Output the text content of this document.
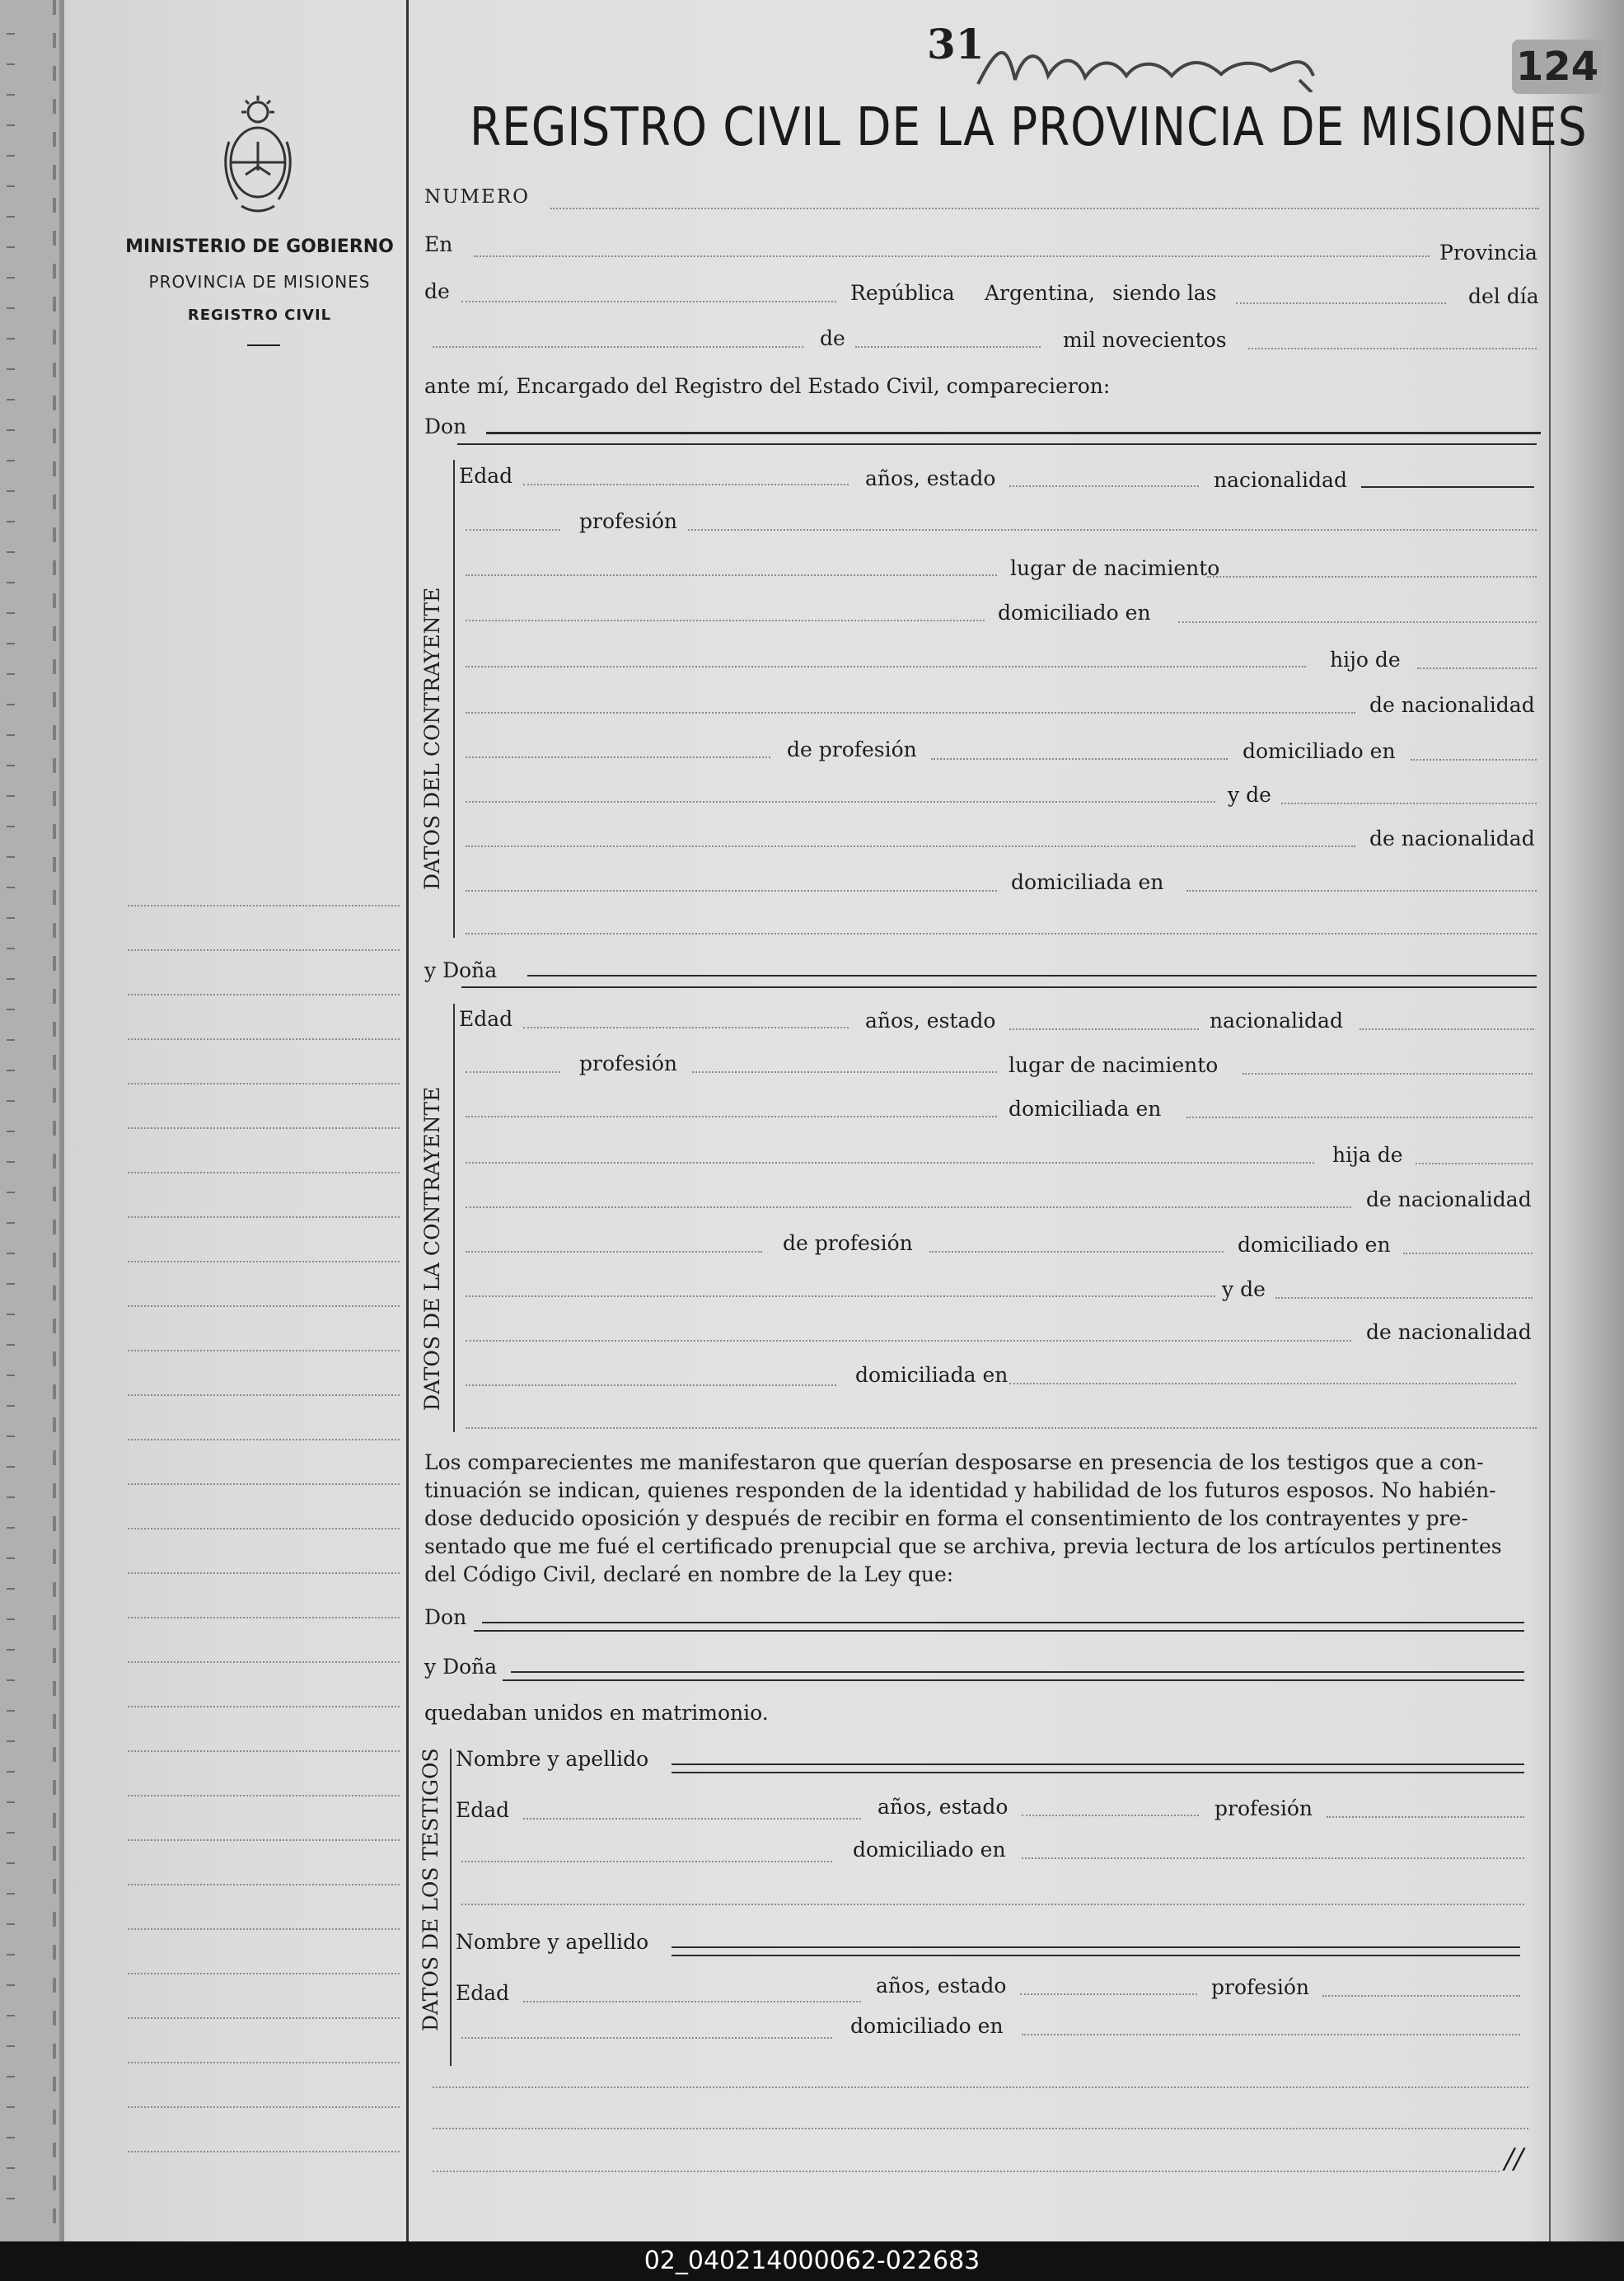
MINISTERIO DE GOBIERNO
PROVINCIA DE MISIONES
REGISTRO CIVIL
31	124
REGISTRO CIVIL DE LA PROVINCIA DE MISIONES
NUMERO
En	Provincia
de	República Argentina, siendo las	del día
de	mil novecientos
ante mí, Encargado del Registro del Estado Civil, comparecieron:
Don
DATOS DEL CONTRAYENTE
Edad	años, estado	nacionalidad
profesión
lugar de nacimiento
domiciliado en
hijo de
de nacionalidad
de profesión	domiciliado en
y de
de nacionalidad
domiciliada en
y Doña
DATOS DE LA CONTRAYENTE
Edad	años, estado	nacionalidad
profesión	lugar de nacimiento
domiciliada en
hija de
de nacionalidad
de profesión	domiciliado en
y de
de nacionalidad
domiciliada en
Los comparecientes me manifestaron que querían desposarse en presencia de los testigos que a con-
tinuación se indican, quienes responden de la identidad y habilidad de los futuros esposos. No habién-
dose deducido oposición y después de recibir en forma el consentimiento de los contrayentes y pre-
sentado que me fué el certificado prenupcial que se archiva, previa lectura de los artículos pertinentes
del Código Civil, declaré en nombre de la Ley que:
Don
y Doña
quedaban unidos en matrimonio.
DATOS DE LOS TESTIGOS Nombre y apellido
Edad	años, estado	profesión
domiciliado en
Nombre y apellido
Edad	años, estado	profesión
domiciliado en
//
02_040214000062-022683
